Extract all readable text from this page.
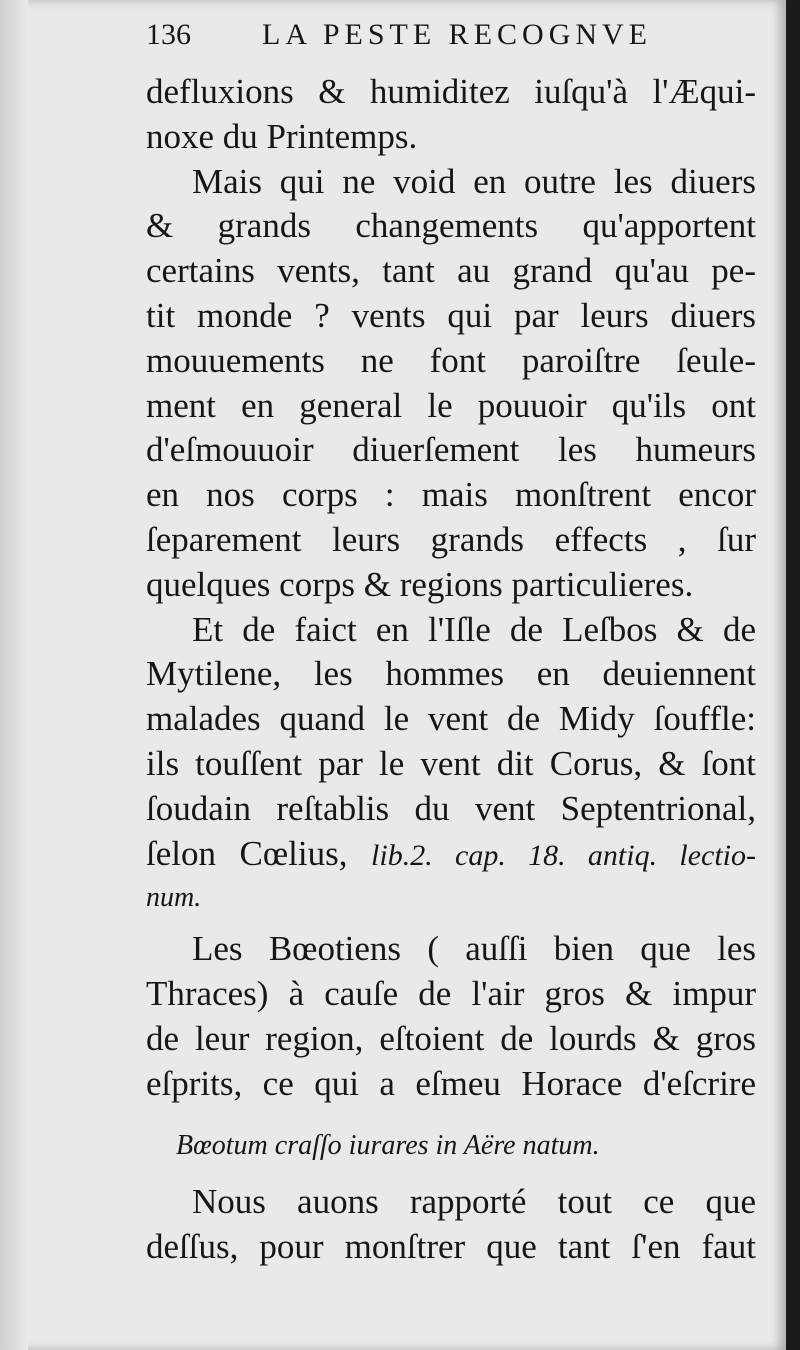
136	LA PESTE RECOGNVE
defluxions & humiditez iuſqu'à l'Æqui-
noxe du Printemps.
Mais qui ne void en outre les diuers
& grands changements qu'apportent
certains vents, tant au grand qu'au pe-
tit monde ? vents qui par leurs diuers
mouuements ne font paroiſtre ſeule-
ment en general le pouuoir qu'ils ont
d'eſmouuoir diuerſement les humeurs
en nos corps : mais monſtrent encor
ſeparement leurs grands effects , ſur
quelques corps & regions particulieres.
Et de faict en l'Iſle de Leſbos & de
Mytilene, les hommes en deuiennent
malades quand le vent de Midy ſouffle:
ils touſſent par le vent dit Corus, & ſont
ſoudain reſtablis du vent Septentrional,
ſelon Cœlius, lib.2. cap. 18. antiq. lectio-
num.
Les Bœotiens ( auſſi bien que les
Thraces) à cauſe de l'air gros & impur
de leur region, eſtoient de lourds & gros
eſprits, ce qui a eſmeu Horace d'eſcrire
Bœotum craſſo iurares in Aëre natum.
Nous auons rapporté tout ce que
deſſus, pour monſtrer que tant ſ'en faut
